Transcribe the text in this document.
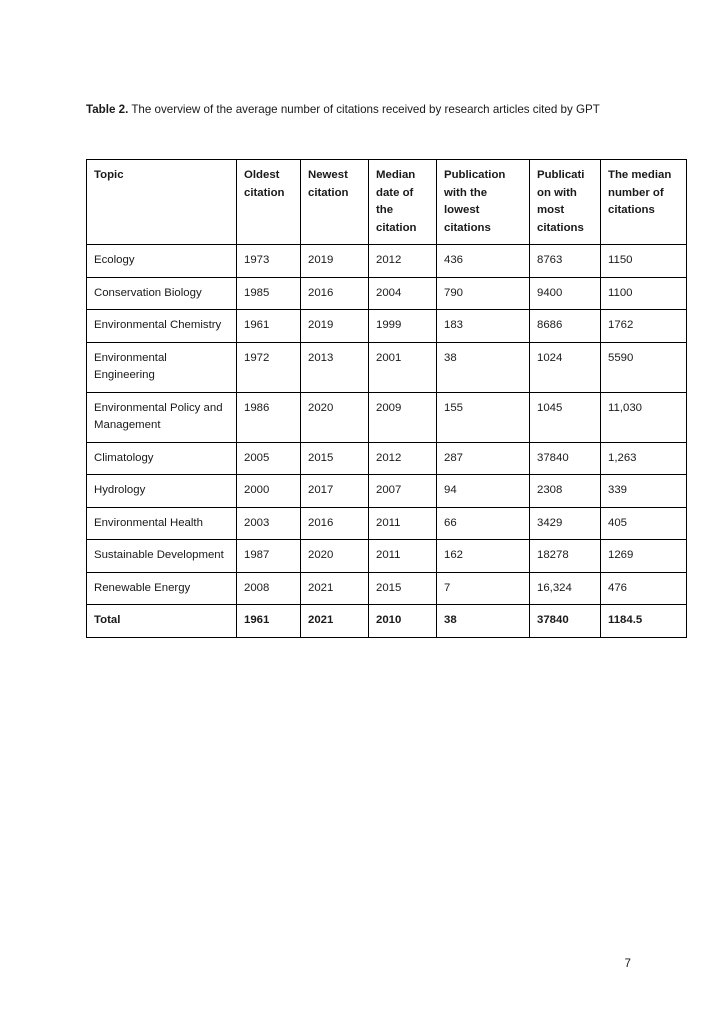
Table 2. The overview of the average number of citations received by research articles cited by GPT
Topic	Oldest citation	Newest citation	Median date of the citation	Publication with the lowest citations	Publicati on with most citations	The median number of citations
Ecology	1973	2019	2012	436	8763	1150
Conservation Biology	1985	2016	2004	790	9400	1100
Environmental Chemistry	1961	2019	1999	183	8686	1762
Environmental Engineering	1972	2013	2001	38	1024	5590
Environmental Policy and Management	1986	2020	2009	155	1045	11,030
Climatology	2005	2015	2012	287	37840	1,263
Hydrology	2000	2017	2007	94	2308	339
Environmental Health	2003	2016	2011	66	3429	405
Sustainable Development	1987	2020	2011	162	18278	1269
Renewable Energy	2008	2021	2015	7	16,324	476
Total	1961	2021	2010	38	37840	1184.5
7
